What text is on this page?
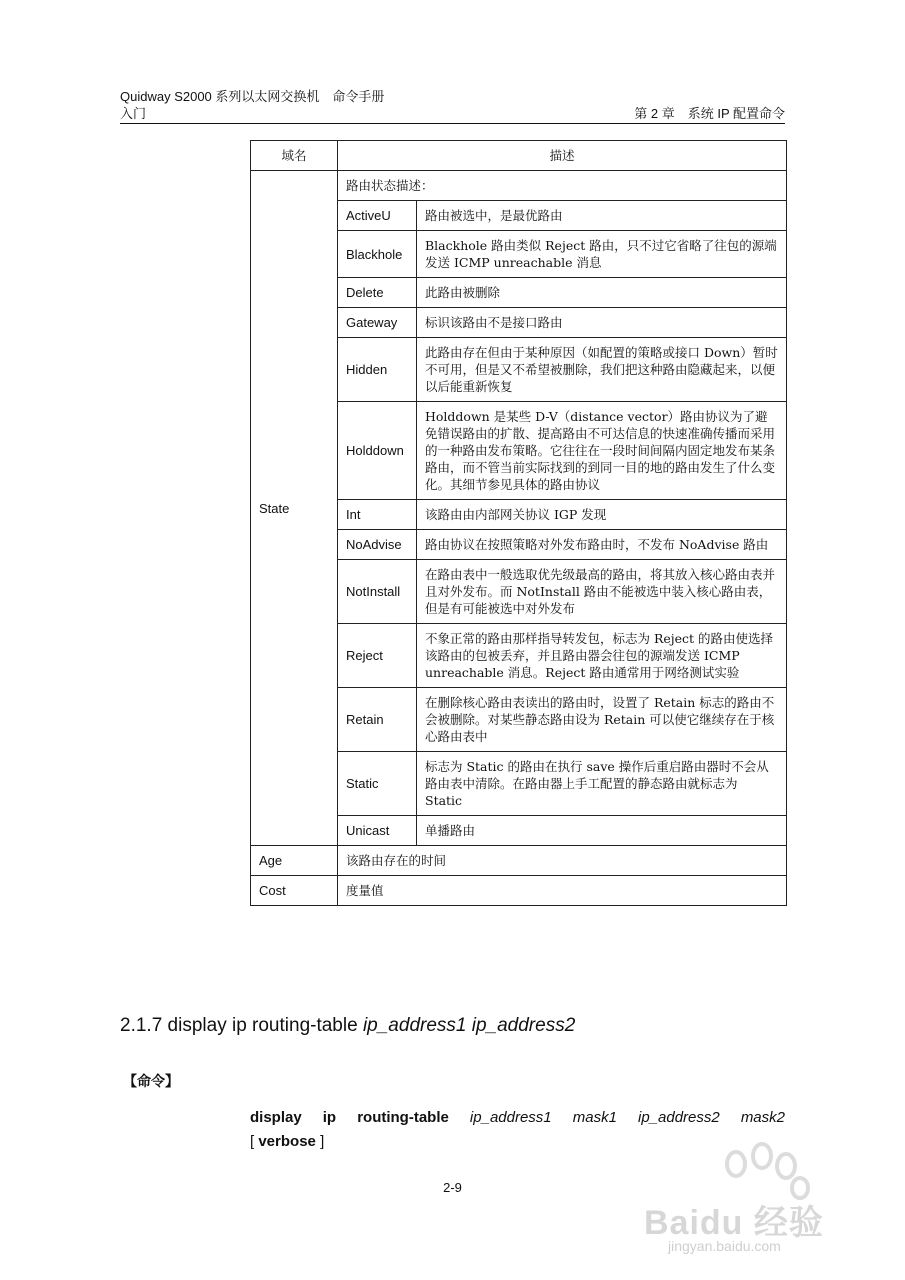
Quidway S2000 系列以太网交换机　命令手册
入门	第 2 章　系统 IP 配置命令
域名	描述	
State	路由状态描述：	
	ActiveU	路由被选中，是最优路由
	Blackhole	Blackhole 路由类似 Reject 路由，只不过它省略了往包的源端发送 ICMP unreachable 消息
	Delete	此路由被删除
	Gateway	标识该路由不是接口路由
	Hidden	此路由存在但由于某种原因（如配置的策略或接口 Down）暂时不可用，但是又不希望被删除，我们把这种路由隐藏起来，以便以后能重新恢复
	Holddown	Holddown 是某些 D-V（distance vector）路由协议为了避免错误路由的扩散、提高路由不可达信息的快速准确传播而采用的一种路由发布策略。它往往在一段时间间隔内固定地发布某条路由，而不管当前实际找到的到同一目的地的路由发生了什么变化。其细节参见具体的路由协议
	Int	该路由由内部网关协议 IGP 发现
	NoAdvise	路由协议在按照策略对外发布路由时，不发布 NoAdvise 路由
	NotInstall	在路由表中一般选取优先级最高的路由，将其放入核心路由表并且对外发布。而 NotInstall 路由不能被选中装入核心路由表，但是有可能被选中对外发布
	Reject	不象正常的路由那样指导转发包，标志为 Reject 的路由使选择该路由的包被丢弃，并且路由器会往包的源端发送 ICMP unreachable 消息。Reject 路由通常用于网络测试实验
	Retain	在删除核心路由表读出的路由时，设置了 Retain 标志的路由不会被删除。对某些静态路由设为 Retain 可以使它继续存在于核心路由表中
	Static	标志为 Static 的路由在执行 save 操作后重启路由器时不会从路由表中清除。在路由器上手工配置的静态路由就标志为 Static
	Unicast	单播路由
Age	该路由存在的时间	
Cost	度量值	
2.1.7 display ip routing-table ip_address1 ip_address2
【命令】
display ip routing-table ip_address1 mask1 ip_address2 mask2
[ verbose ]
2-9
Baidu 经验
jingyan.baidu.com
